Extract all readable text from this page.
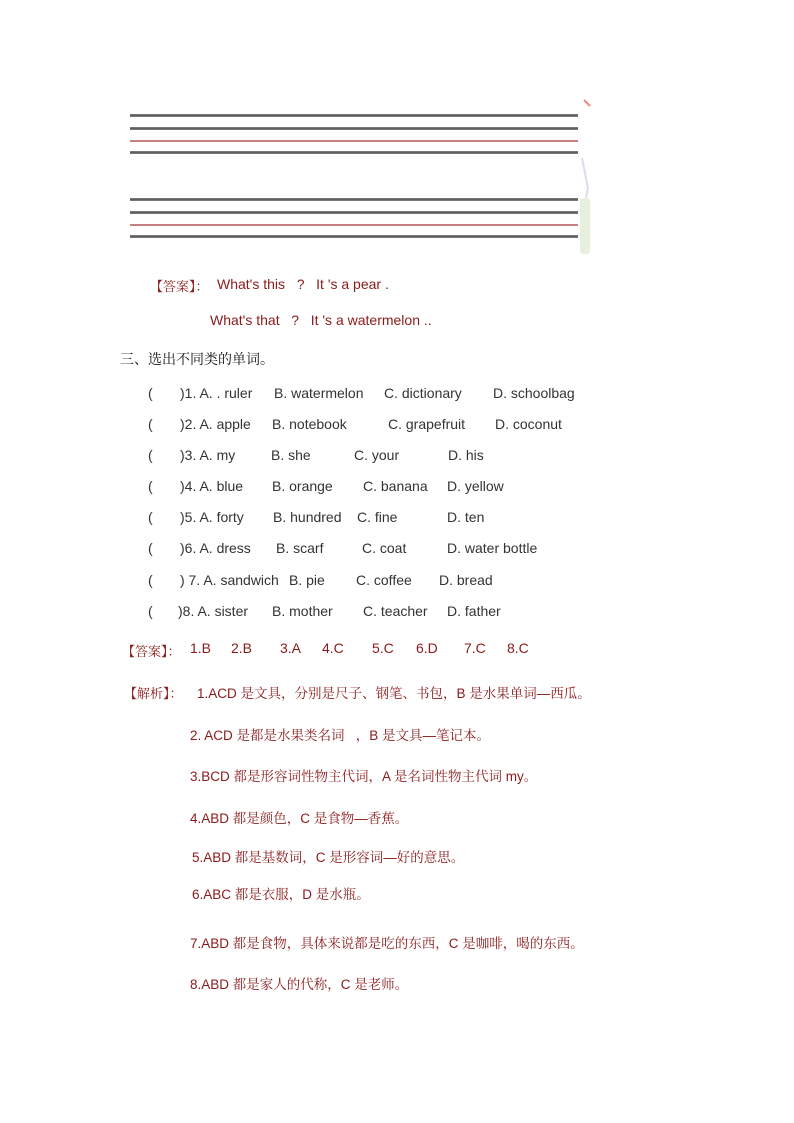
【答案】： What's this   ?   It 's a pear .
What's that   ?   It 's a watermelon ..
三、选出不同类的单词。
( )1. A. . ruler B. watermelon C. dictionary D. schoolbag
( )2. A. apple B. notebook	C. grapefruit D. coconut
( )3. A. my	B. she	C. your	D. his
( )4. A. blue B. orange C. banana D. yellow
( )5. A. forty B. hundred C. fine	D. ten
( )6. A. dress B. scarf	C. coat	D. water bottle
( ) 7. A. sandwich B. pie C. coffee D. bread
( )8. A. sister B. mother C. teacher D. father
【答案】： 1.B 2.B 3.A 4.C 5.C 6.D 7.C 8.C
【解析】： 1.ACD 是文具，分别是尺子、钢笔、书包，B 是水果单词—西瓜。
2. ACD 是都是水果类名词   ，B 是文具—笔记本。
3.BCD 都是形容词性物主代词，A 是名词性物主代词 my。
4.ABD 都是颜色，C 是食物—香蕉。
5.ABD 都是基数词，C 是形容词—好的意思。
6.ABC 都是衣服，D 是水瓶。
7.ABD 都是食物，具体来说都是吃的东西，C 是咖啡，喝的东西。
8.ABD 都是家人的代称，C 是老师。
